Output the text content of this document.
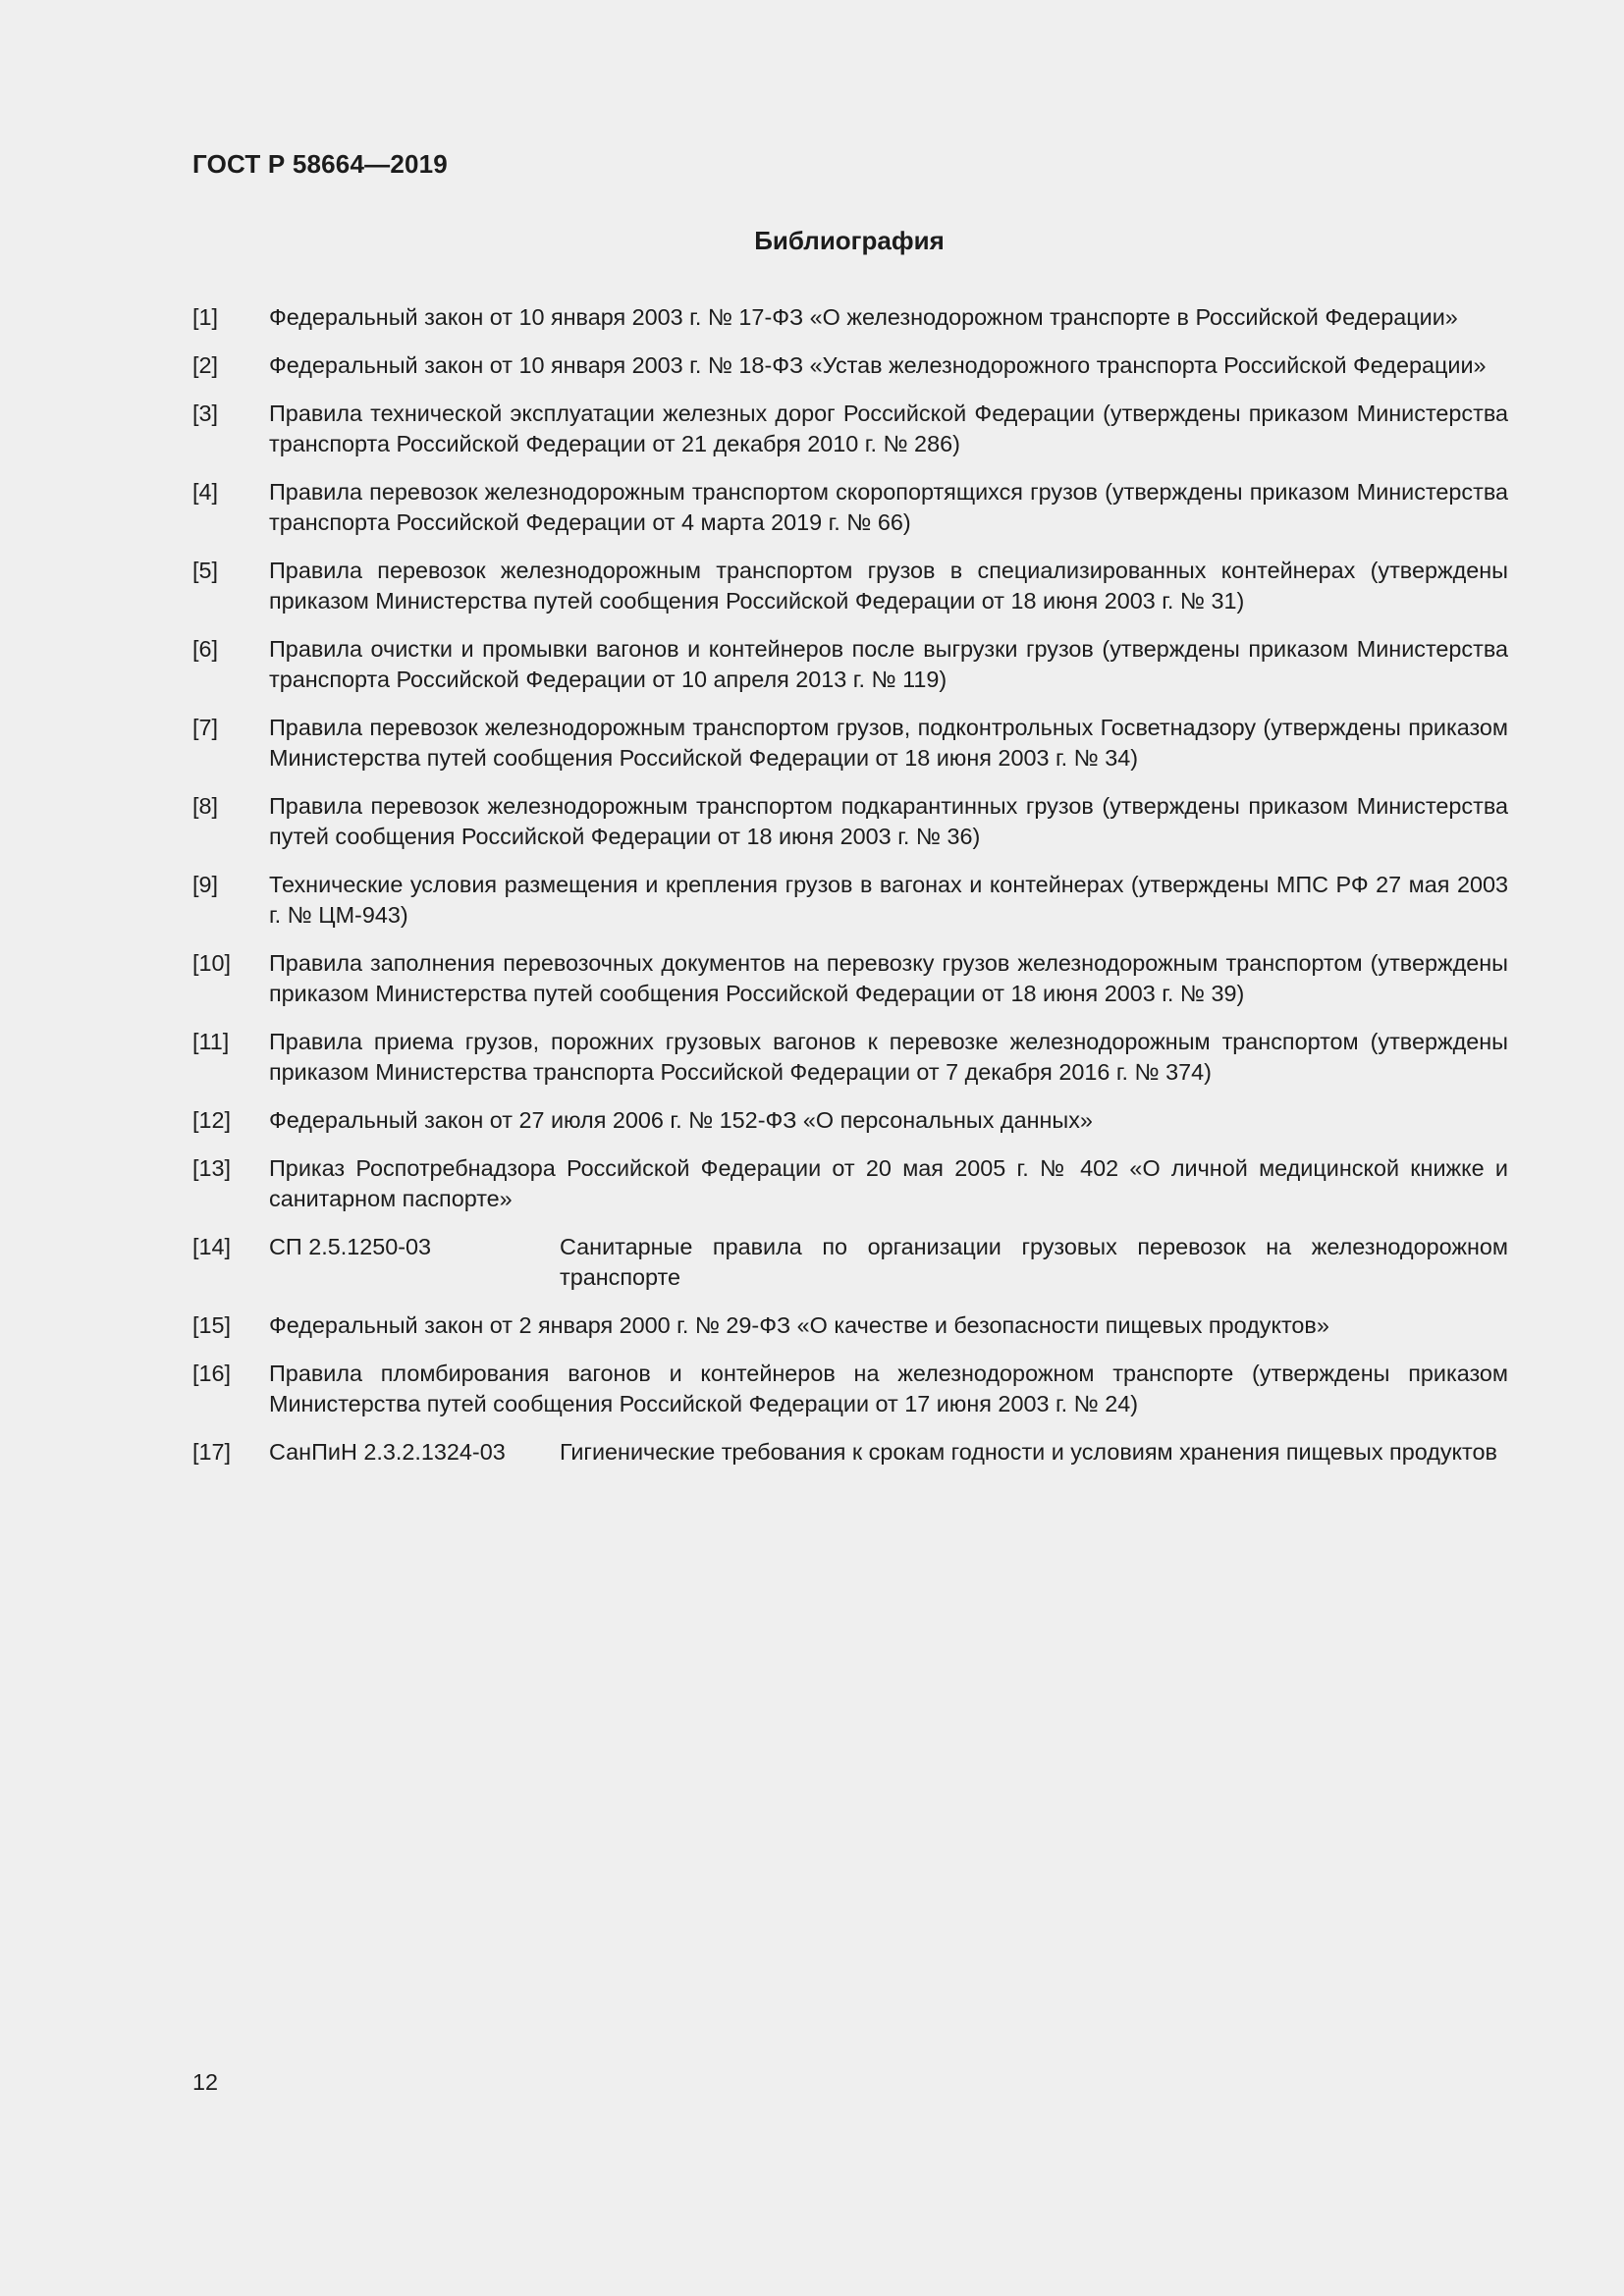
ГОСТ Р 58664—2019
Библиография
[1] Федеральный закон от 10 января 2003 г. № 17-ФЗ «О железнодорожном транспорте в Российской Федерации»
[2] Федеральный закон от 10 января 2003 г. № 18-ФЗ «Устав железнодорожного транспорта Российской Федерации»
[3] Правила технической эксплуатации железных дорог Российской Федерации (утверждены приказом Министерства транспорта Российской Федерации от 21 декабря 2010 г. № 286)
[4] Правила перевозок железнодорожным транспортом скоропортящихся грузов (утверждены приказом Министерства транспорта Российской Федерации от 4 марта 2019 г. № 66)
[5] Правила перевозок железнодорожным транспортом грузов в специализированных контейнерах (утверждены приказом Министерства путей сообщения Российской Федерации от 18 июня 2003 г. № 31)
[6] Правила очистки и промывки вагонов и контейнеров после выгрузки грузов (утверждены приказом Министерства транспорта Российской Федерации от 10 апреля 2013 г. № 119)
[7] Правила перевозок железнодорожным транспортом грузов, подконтрольных Госветнадзору (утверждены приказом Министерства путей сообщения Российской Федерации от 18 июня 2003 г. № 34)
[8] Правила перевозок железнодорожным транспортом подкарантинных грузов (утверждены приказом Министерства путей сообщения Российской Федерации от 18 июня 2003 г. № 36)
[9] Технические условия размещения и крепления грузов в вагонах и контейнерах (утверждены МПС РФ 27 мая 2003 г. № ЦМ-943)
[10] Правила заполнения перевозочных документов на перевозку грузов железнодорожным транспортом (утверждены приказом Министерства путей сообщения Российской Федерации от 18 июня 2003 г. № 39)
[11] Правила приема грузов, порожних грузовых вагонов к перевозке железнодорожным транспортом (утверждены приказом Министерства транспорта Российской Федерации от 7 декабря 2016 г. № 374)
[12] Федеральный закон от 27 июля 2006 г. № 152-ФЗ «О персональных данных»
[13] Приказ Роспотребнадзора Российской Федерации от 20 мая 2005 г. № 402 «О личной медицинской книжке и санитарном паспорте»
[14] СП 2.5.1250-03	Санитарные правила по организации грузовых перевозок на железнодорожном транспорте
[15] Федеральный закон от 2 января 2000 г. № 29-ФЗ «О качестве и безопасности пищевых продуктов»
[16] Правила пломбирования вагонов и контейнеров на железнодорожном транспорте (утверждены приказом Министерства путей сообщения Российской Федерации от 17 июня 2003 г. № 24)
[17] СанПиН 2.3.2.1324-03 Гигиенические требования к срокам годности и условиям хранения пищевых продуктов
12
